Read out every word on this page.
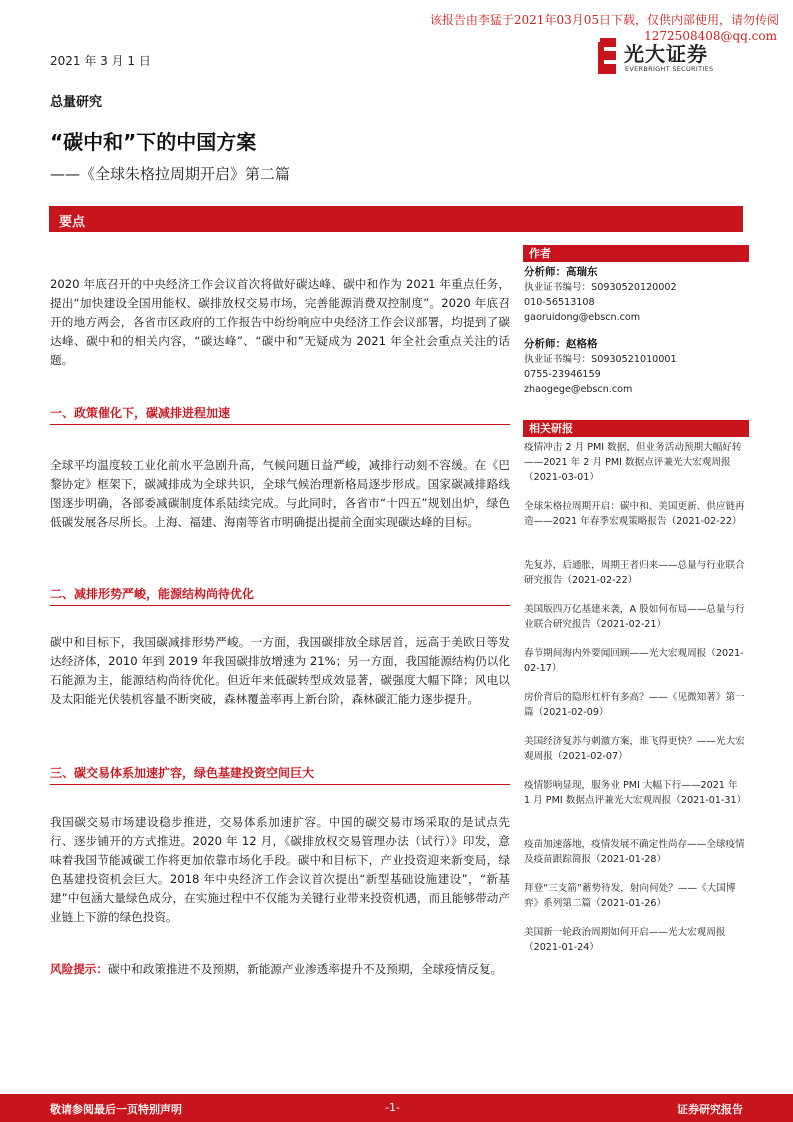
该报告由李猛于2021年03月05日下载，仅供内部使用，请勿传阅
1272508408@qq.com
光大证券
EVERBRIGHT SECURITIES
2021 年 3 月 1 日
总量研究
“碳中和”下的中国方案
——《全球朱格拉周期开启》第二篇
要点
2020 年底召开的中央经济工作会议首次将做好碳达峰、碳中和作为 2021 年重点任务，提出“加快建设全国用能权、碳排放权交易市场，完善能源消费双控制度”。2020 年底召开的地方两会，各省市区政府的工作报告中纷纷响应中央经济工作会议部署，均提到了碳达峰、碳中和的相关内容，“碳达峰”、“碳中和”无疑成为 2021 年全社会重点关注的话题。
一、政策催化下，碳减排进程加速
全球平均温度较工业化前水平急剧升高，气候问题日益严峻，减排行动刻不容缓。在《巴黎协定》框架下，碳减排成为全球共识，全球气候治理新格局逐步形成。国家碳减排路线图逐步明确，各部委减碳制度体系陆续完成。与此同时，各省市“十四五”规划出炉，绿色低碳发展各尽所长。上海、福建、海南等省市明确提出提前全面实现碳达峰的目标。
二、减排形势严峻，能源结构尚待优化
碳中和目标下，我国碳减排形势严峻。一方面，我国碳排放全球居首，远高于美欧日等发达经济体，2010 年到 2019 年我国碳排放增速为 21%；另一方面，我国能源结构仍以化石能源为主，能源结构尚待优化。但近年来低碳转型成效显著，碳强度大幅下降；风电以及太阳能光伏装机容量不断突破，森林覆盖率再上新台阶，森林碳汇能力逐步提升。
三、碳交易体系加速扩容，绿色基建投资空间巨大
我国碳交易市场建设稳步推进，交易体系加速扩容。中国的碳交易市场采取的是试点先行、逐步铺开的方式推进。2020 年 12 月，《碳排放权交易管理办法（试行）》印发，意味着我国节能减碳工作将更加依靠市场化手段。碳中和目标下，产业投资迎来新变局，绿色基建投资机会巨大。2018 年中央经济工作会议首次提出“新型基础设施建设”，“新基建”中包涵大量绿色成分，在实施过程中不仅能为关键行业带来投资机遇，而且能够带动产业链上下游的绿色投资。
风险提示：碳中和政策推进不及预期，新能源产业渗透率提升不及预期，全球疫情反复。
作者
分析师：高瑞东
执业证书编号：S0930520120002
010-56513108
gaoruidong@ebscn.com
分析师：赵格格
执业证书编号：S0930521010001
0755-23946159
zhaogege@ebscn.com
相关研报
疫情冲击 2 月 PMI 数据，但业务活动预期大幅好转——2021 年 2 月 PMI 数据点评兼光大宏观周报（2021-03-01）
全球朱格拉周期开启：碳中和、美国更新、供应链再造——2021 年春季宏观策略报告（2021-02-22）
先复苏，后通胀，周期王者归来——总量与行业联合研究报告（2021-02-22）
美国版四万亿基建来袭，A 股如何布局——总量与行业联合研究报告（2021-02-21）
春节期间海内外要闻回顾——光大宏观周报（2021-02-17）
房价背后的隐形杠杆有多高？——《见微知著》第一篇（2021-02-09）
美国经济复苏与刺激方案，谁飞得更快？——光大宏观周报（2021-02-07）
疫情影响显现，服务业 PMI 大幅下行——2021 年 1 月 PMI 数据点评兼光大宏观周报（2021-01-31）
疫苗加速落地，疫情发展不确定性尚存——全球疫情及疫苗跟踪简报（2021-01-28）
拜登“三支箭”蓄势待发，射向何处？——《大国博弈》系列第二篇（2021-01-26）
美国新一轮政治周期如何开启——光大宏观周报（2021-01-24）
敬请参阅最后一页特别声明	-1-	证券研究报告
